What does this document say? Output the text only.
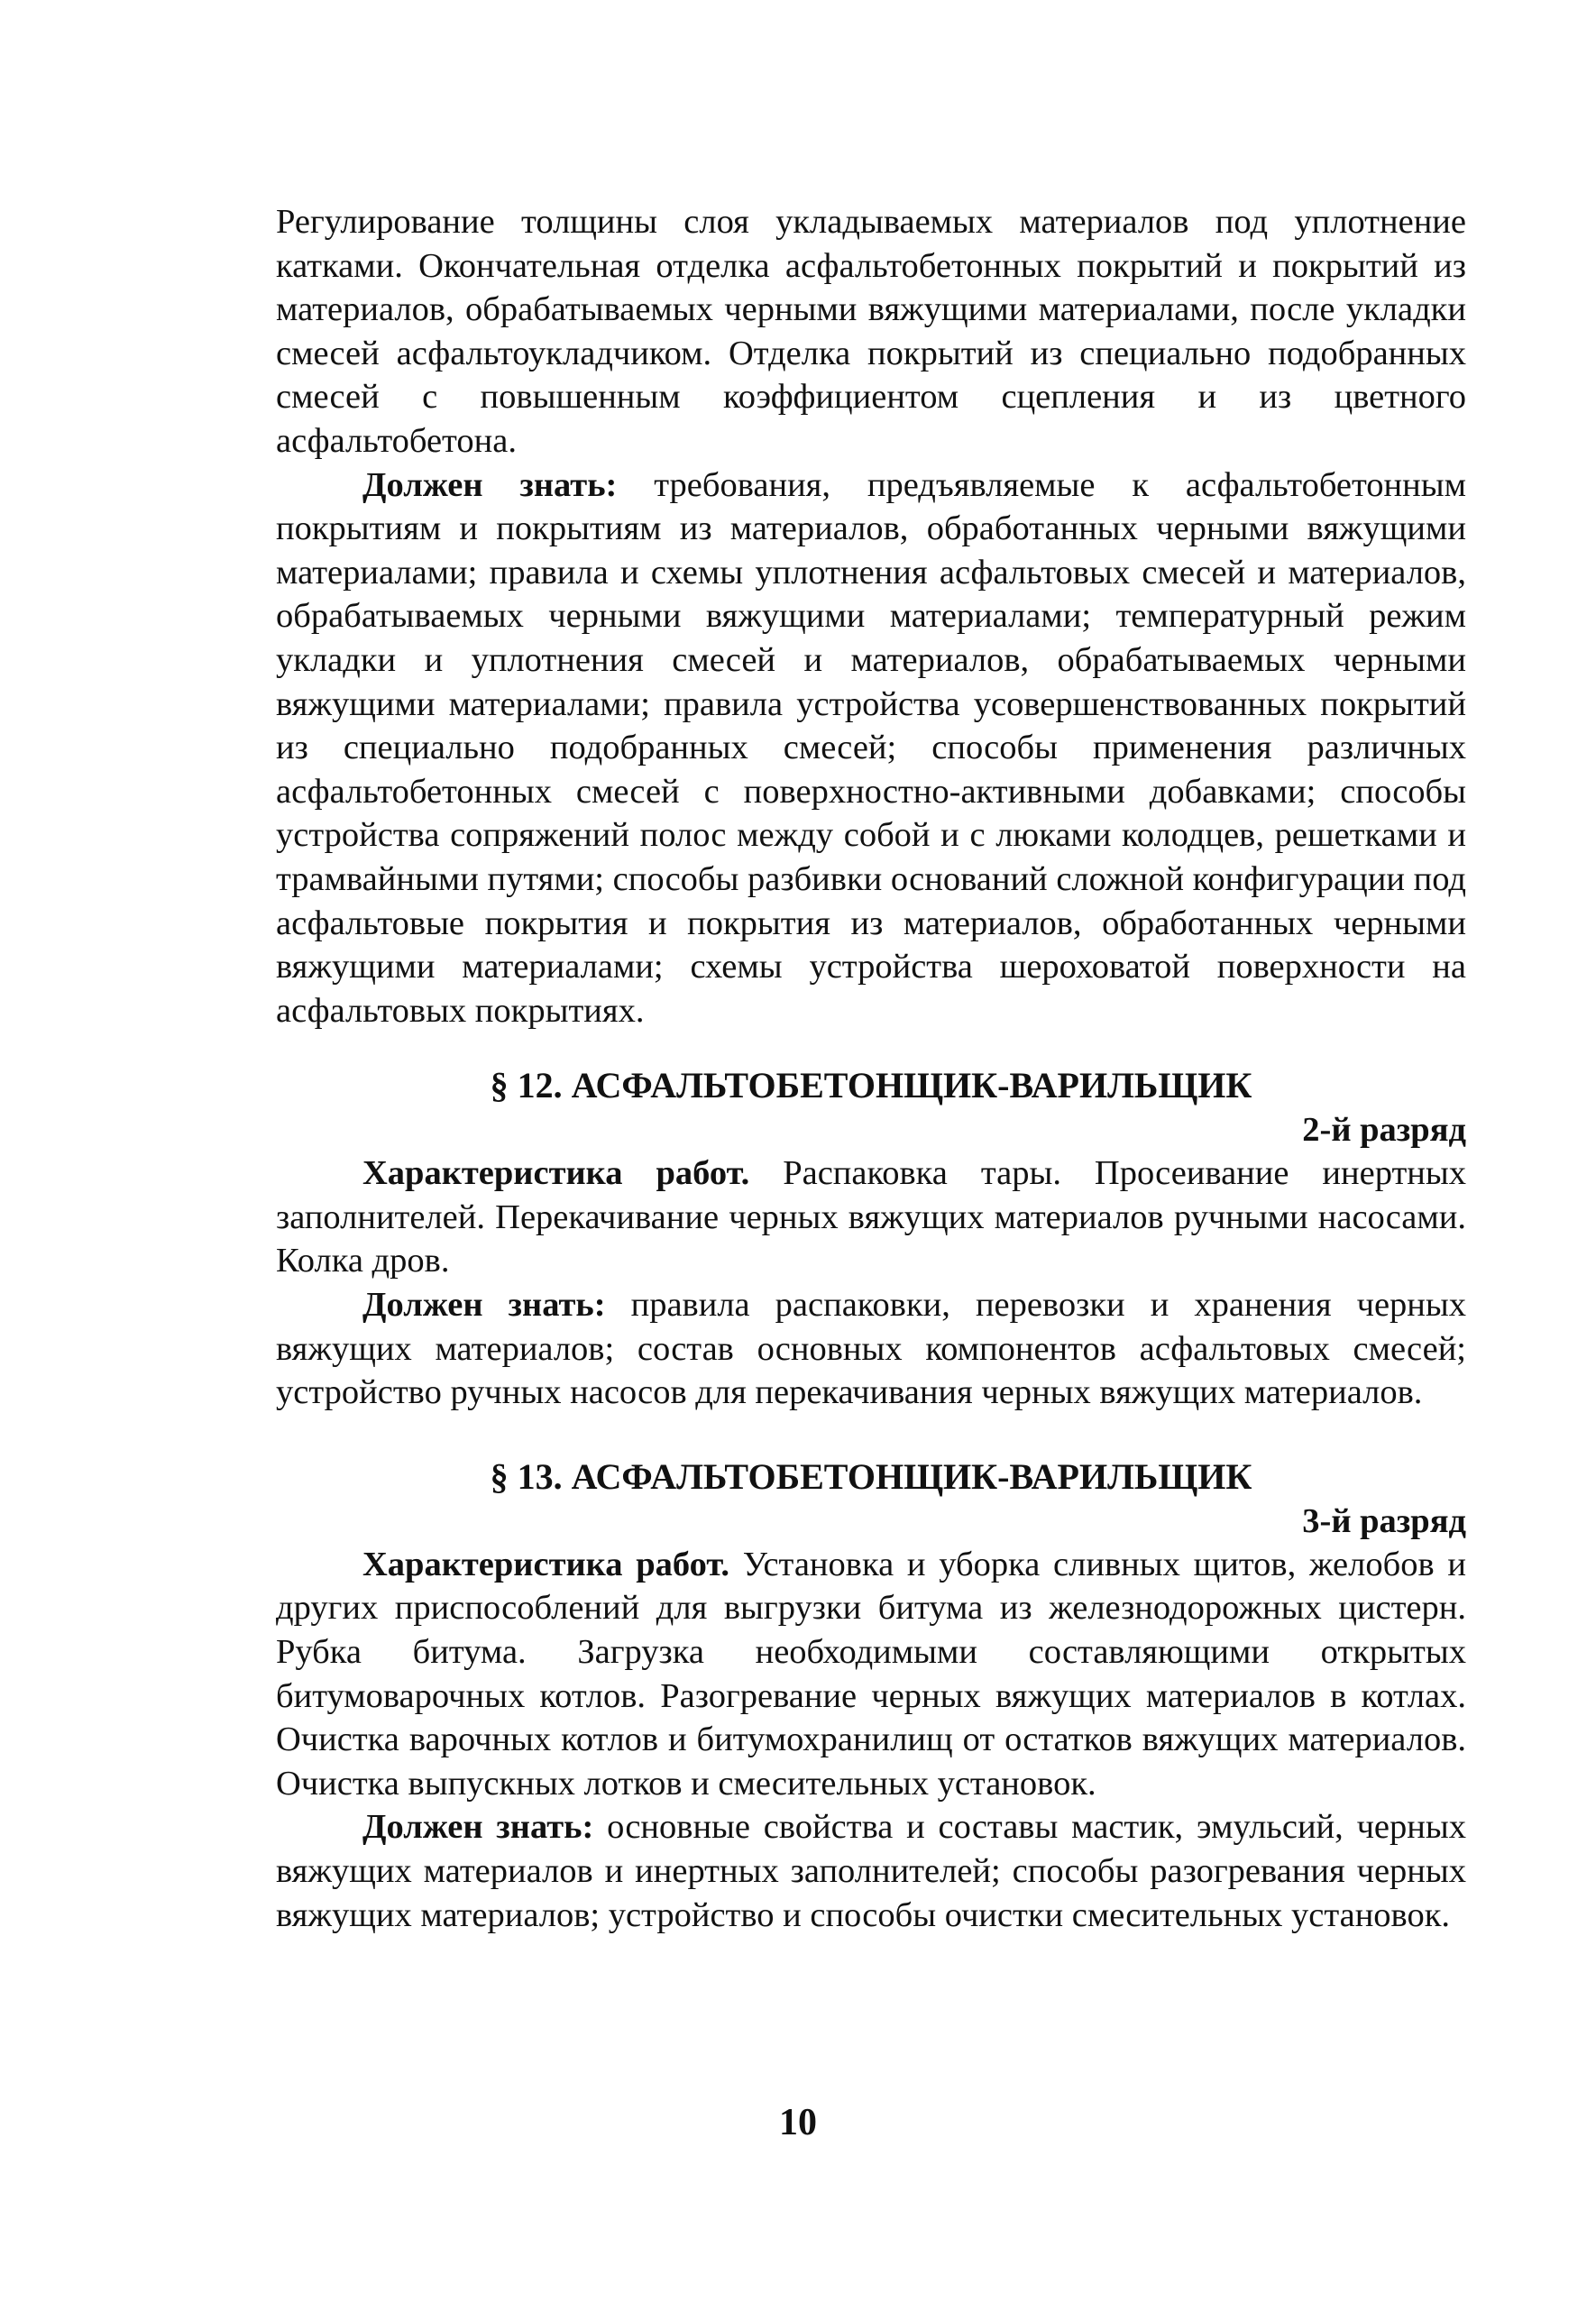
Регулирование толщины слоя укладываемых материалов под уплотнение катками. Окончательная отделка асфальтобетонных покрытий и покрытий из материалов, обрабатываемых черными вяжущими материалами, после укладки смесей асфальтоукладчиком. Отделка покрытий из специально подобранных смесей с повышенным коэффициентом сцепления и из цветного асфальтобетона.

Должен знать: требования, предъявляемые к асфальтобетонным покрытиям и покрытиям из материалов, обработанных черными вяжущими материалами; правила и схемы уплотнения асфальтовых смесей и материалов, обрабатываемых черными вяжущими материалами; температурный режим укладки и уплотнения смесей и материалов, обрабатываемых черными вяжущими материалами; правила устройства усовершенствованных покрытий из специально подобранных смесей; способы применения различных асфальтобетонных смесей с поверхностно-активными добавками; способы устройства сопряжений полос между собой и с люками колодцев, решетками и трамвайными путями; способы разбивки оснований сложной конфигурации под асфальтовые покрытия и покрытия из материалов, обработанных черными вяжущими материалами; схемы устройства шероховатой поверхности на асфальтовых покрытиях.

§ 12. АСФАЛЬТОБЕТОНЩИК-ВАРИЛЬЩИК
2-й разряд

Характеристика работ. Распаковка тары. Просеивание инертных заполнителей. Перекачивание черных вяжущих материалов ручными насосами. Колка дров.

Должен знать: правила распаковки, перевозки и хранения черных вяжущих материалов; состав основных компонентов асфальтовых смесей; устройство ручных насосов для перекачивания черных вяжущих материалов.

§ 13. АСФАЛЬТОБЕТОНЩИК-ВАРИЛЬЩИК
3-й разряд

Характеристика работ. Установка и уборка сливных щитов, желобов и других приспособлений для выгрузки битума из железнодорожных цистерн. Рубка битума. Загрузка необходимыми составляющими открытых битумоварочных котлов. Разогревание черных вяжущих материалов в котлах. Очистка варочных котлов и битумохранилищ от остатков вяжущих материалов. Очистка выпускных лотков и смесительных установок.

Должен знать: основные свойства и составы мастик, эмульсий, черных вяжущих материалов и инертных заполнителей; способы разогревания черных вяжущих материалов; устройство и способы очистки смесительных установок.

10
